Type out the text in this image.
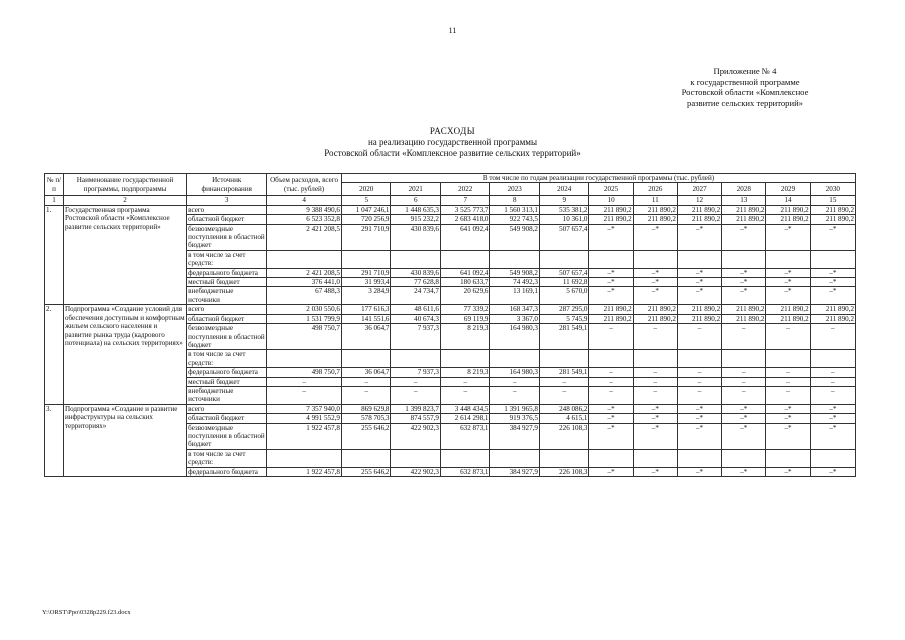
11
Приложение № 4
к государственной программе
Ростовской области «Комплексное
развитие сельских территорий»
РАСХОДЫ
на реализацию государственной программы
Ростовской области «Комплексное развитие сельских территорий»
№ п/п	Наименование государственной программы, подпрограммы	Источник финансирования	Объем расходов, всего (тыс. рублей)	В том числе по годам реализации государственной программы (тыс. рублей)										
				2020	2021	2022	2023	2024	2025	2026	2027	2028	2029	2030
1	2	3	4	5	6	7	8	9	10	11	12	13	14	15
1.	Государственная программа Ростовской области «Комплексное развитие сельских территорий»	всего	9 388 490,6	1 047 246,1	1 448 635,3	3 525 773,7	1 560 313,1	535 381,2	211 890,2	211 890,2	211 890,2	211 890,2	211 890,2	211 890,2
		областной бюджет	6 523 352,8	720 256,9	915 232,2	2 683 418,0	922 743,5	10 361,0	211 890,2	211 890,2	211 890,2	211 890,2	211 890,2	211 890,2
		безвозмездные поступления в областной бюджет	2 421 208,5	291 710,9	430 839,6	641 092,4	549 908,2	507 657,4	–*	–*	–*	–*	–*	–*
		в том числе за счет средств:												
		федерального бюджета	2 421 208,5	291 710,9	430 839,6	641 092,4	549 908,2	507 657,4	–*	–*	–*	–*	–*	–*
		местный бюджет	376 441,0	31 993,4	77 628,8	180 633,7	74 492,3	11 692,8	–*	–*	–*	–*	–*	–*
		внебюджетные источники	67 488,3	3 284,9	24 734,7	20 629,6	13 169,1	5 670,0	–*	–*	–*	–*	–*	–*
2.	Подпрограмма «Создание условий для обеспечения доступным и комфортным жильем сельского населения и развитие рынка труда (кадрового потенциала) на сельских территориях»	всего	2 030 550,6	177 616,3	48 611,6	77 339,2	168 347,3	287 295,0	211 890,2	211 890,2	211 890,2	211 890,2	211 890,2	211 890,2
		областной бюджет	1 531 799,9	141 551,6	40 674,3	69 119,9	3 367,0	5 745,9	211 890,2	211 890,2	211 890,2	211 890,2	211 890,2	211 890,2
		безвозмездные поступления в областной бюджет	498 750,7	36 064,7	7 937,3	8 219,3	164 980,3	281 549,1	–	–	–	–	–	–
		в том числе за счет средств:												
		федерального бюджета	498 750,7	36 064,7	7 937,3	8 219,3	164 980,3	281 549,1	–	–	–	–	–	–
		местный бюджет	–	–	–	–	–	–	–	–	–	–	–	–
		внебюджетные источники	–	–	–	–	–	–	–	–	–	–	–	–
3.	Подпрограмма «Создание и развитие инфраструктуры на сельских территориях»	всего	7 357 940,0	869 629,8	1 399 823,7	3 448 434,5	1 391 965,8	248 086,2	–*	–*	–*	–*	–*	–*
		областной бюджет	4 991 552,9	578 705,3	874 557,9	2 614 298,1	919 376,5	4 615,1	–*	–*	–*	–*	–*	–*
		безвозмездные поступления в областной бюджет	1 922 457,8	255 646,2	422 902,3	632 873,1	384 927,9	226 108,3	–*	–*	–*	–*	–*	–*
		в том числе за счет средств:												
		федерального бюджета	1 922 457,8	255 646,2	422 902,3	632 873,1	384 927,9	226 108,3	–*	–*	–*	–*	–*	–*
Y:\ORST\Ppo\0328p229.f23.docx
